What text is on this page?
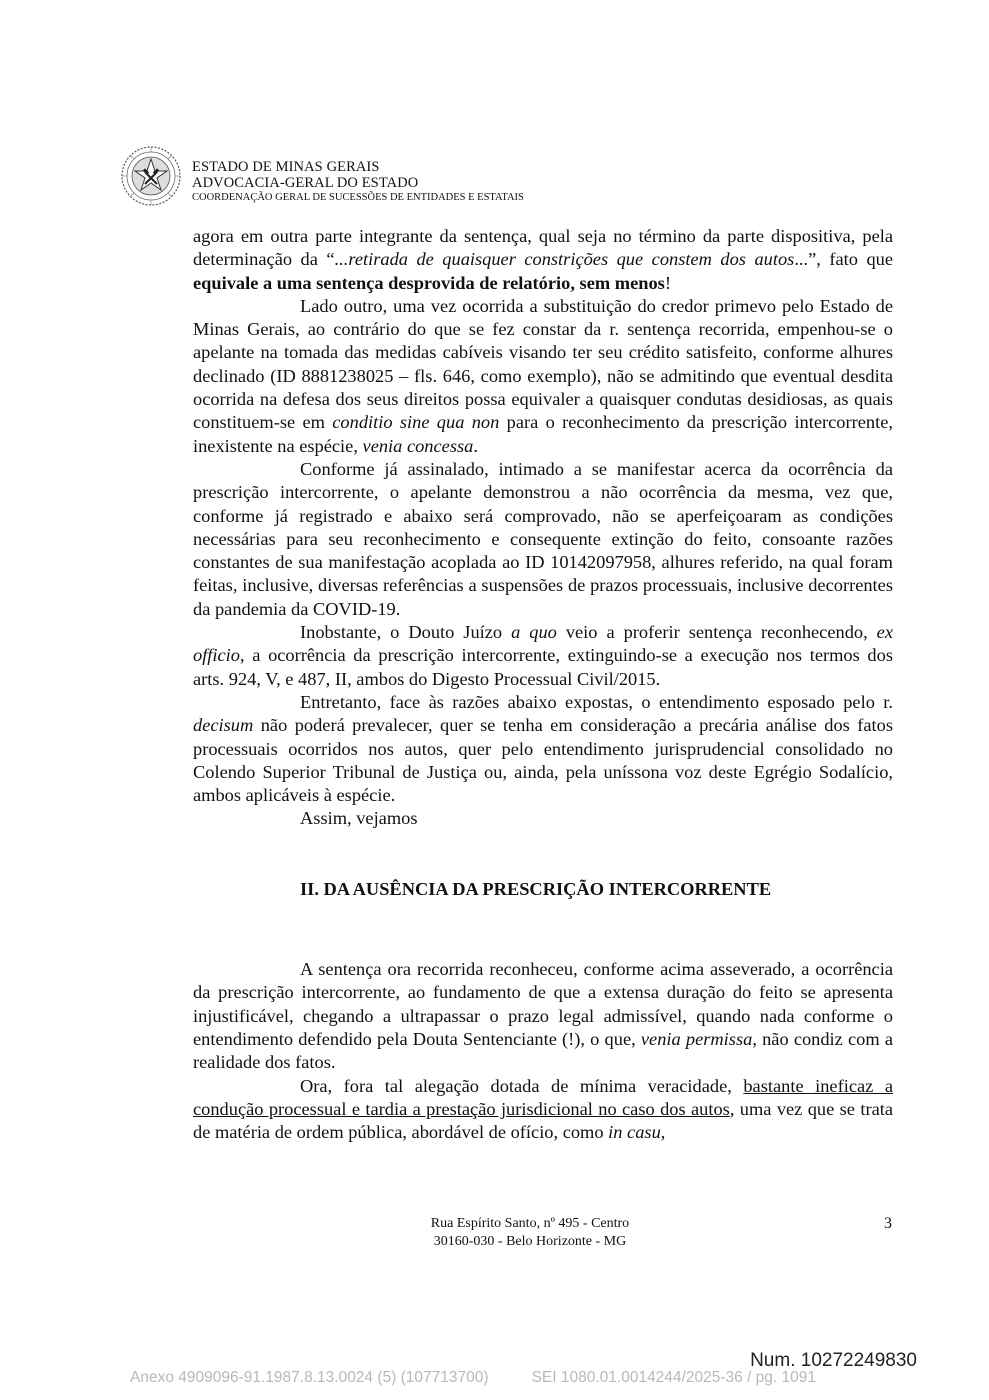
ESTADO DE MINAS GERAIS
ADVOCACIA-GERAL DO ESTADO
COORDENAÇÃO GERAL DE SUCESSÕES DE ENTIDADES E ESTATAIS

agora em outra parte integrante da sentença, qual seja no término da parte dispositiva, pela determinação da “...retirada de quaisquer constrições que constem dos autos...”, fato que equivale a uma sentença desprovida de relatório, sem menos!

Lado outro, uma vez ocorrida a substituição do credor primevo pelo Estado de Minas Gerais, ao contrário do que se fez constar da r. sentença recorrida, empenhou-se o apelante na tomada das medidas cabíveis visando ter seu crédito satisfeito, conforme alhures declinado (ID 8881238025 – fls. 646, como exemplo), não se admitindo que eventual desdita ocorrida na defesa dos seus direitos possa equivaler a quaisquer condutas desidiosas, as quais constituem-se em conditio sine qua non para o reconhecimento da prescrição intercorrente, inexistente na espécie, venia concessa.

Conforme já assinalado, intimado a se manifestar acerca da ocorrência da prescrição intercorrente, o apelante demonstrou a não ocorrência da mesma, vez que, conforme já registrado e abaixo será comprovado, não se aperfeiçoaram as condições necessárias para seu reconhecimento e consequente extinção do feito, consoante razões constantes de sua manifestação acoplada ao ID 10142097958, alhures referido, na qual foram feitas, inclusive, diversas referências a suspensões de prazos processuais, inclusive decorrentes da pandemia da COVID-19.

Inobstante, o Douto Juízo a quo veio a proferir sentença reconhecendo, ex officio, a ocorrência da prescrição intercorrente, extinguindo-se a execução nos termos dos arts. 924, V, e 487, II, ambos do Digesto Processual Civil/2015.

Entretanto, face às razões abaixo expostas, o entendimento esposado pelo r. decisum não poderá prevalecer, quer se tenha em consideração a precária análise dos fatos processuais ocorridos nos autos, quer pelo entendimento jurisprudencial consolidado no Colendo Superior Tribunal de Justiça ou, ainda, pela uníssona voz deste Egrégio Sodalício, ambos aplicáveis à espécie.

Assim, vejamos

II. DA AUSÊNCIA DA PRESCRIÇÃO INTERCORRENTE

A sentença ora recorrida reconheceu, conforme acima asseverado, a ocorrência da prescrição intercorrente, ao fundamento de que a extensa duração do feito se apresenta injustificável, chegando a ultrapassar o prazo legal admissível, quando nada conforme o entendimento defendido pela Douta Sentenciante (!), o que, venia permissa, não condiz com a realidade dos fatos.

Ora, fora tal alegação dotada de mínima veracidade, bastante ineficaz a condução processual e tardia a prestação jurisdicional no caso dos autos, uma vez que se trata de matéria de ordem pública, abordável de ofício, como in casu,

Rua Espírito Santo, nº 495 - Centro
30160-030 - Belo Horizonte - MG
3
Num. 10272249830
Anexo 4909096-91.1987.8.13.0024 (5) (107713700)          SEI 1080.01.0014244/2025-36 / pg. 1091
